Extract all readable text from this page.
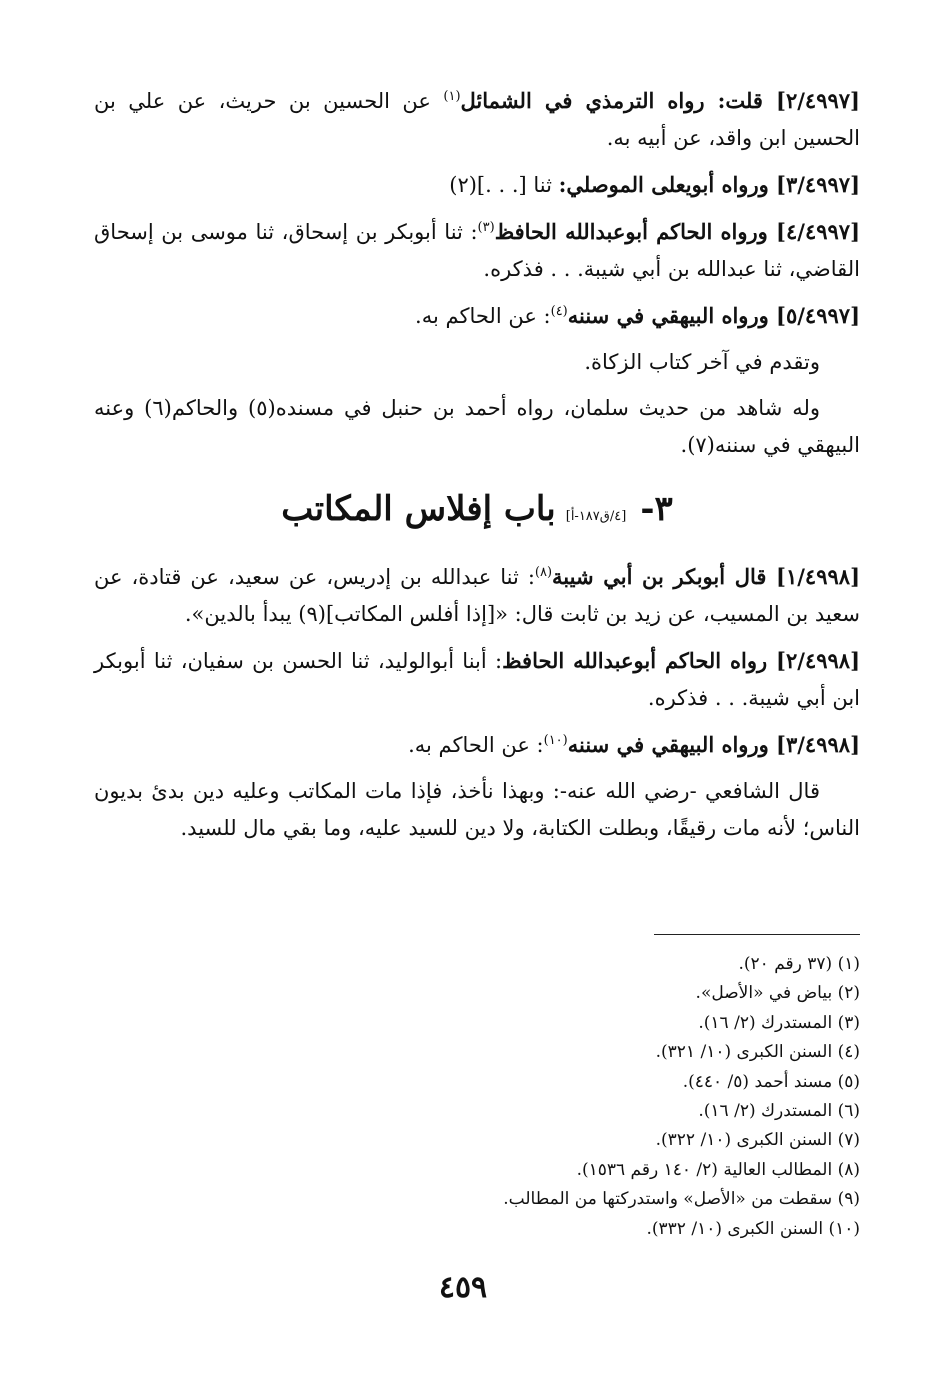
[٢/٤٩٩٧] قلت: رواه الترمذي في الشمائل$^{(١)}$ عن الحسين بن حريث، عن علي بن الحسين ابن واقد، عن أبيه به.

[٣/٤٩٩٧] ورواه أبويعلى الموصلي: ثنا [. . .](٢)

[٤/٤٩٩٧] ورواه الحاكم أبوعبدالله الحافظ$^{(٣)}$: ثنا أبوبكر بن إسحاق، ثنا موسى بن إسحاق القاضي، ثنا عبدالله بن أبي شيبة. . . فذكره.

[٥/٤٩٩٧] ورواه البيهقي في سننه$^{(٤)}$: عن الحاكم به.

وتقدم في آخر كتاب الزكاة.

وله شاهد من حديث سلمان، رواه أحمد بن حنبل في مسنده(٥) والحاكم(٦) وعنه البيهقي في سننه(٧).

٣-[٤/ق١٨٧-أ]باب إفلاس المكاتب

[١/٤٩٩٨] قال أبوبكر بن أبي شيبة$^{(٨)}$: ثنا عبدالله بن إدريس، عن سعيد، عن قتادة، عن سعيد بن المسيب، عن زيد بن ثابت قال: «[إذا أفلس المكاتب](٩) يبدأ بالدين».

[٢/٤٩٩٨] رواه الحاكم أبوعبدالله الحافظ: أبنا أبوالوليد، ثنا الحسن بن سفيان، ثنا أبوبكر ابن أبي شيبة. . . فذكره.

[٣/٤٩٩٨] ورواه البيهقي في سننه$^{(١٠)}$: عن الحاكم به.

قال الشافعي -رضي الله عنه-: وبهذا نأخذ، فإذا مات المكاتب وعليه دين بدئ بديون الناس؛ لأنه مات رقيقًا، وبطلت الكتابة، ولا دين للسيد عليه، وما بقي مال للسيد.

(١) (٣٧ رقم ٢٠).
(٢) بياض في «الأصل».
(٣) المستدرك (٢/ ١٦).
(٤) السنن الكبرى (١٠/ ٣٢١).
(٥) مسند أحمد (٥/ ٤٤٠).
(٦) المستدرك (٢/ ١٦).
(٧) السنن الكبرى (١٠/ ٣٢٢).
(٨) المطالب العالية (٢/ ١٤٠ رقم ١٥٣٦).
(٩) سقطت من «الأصل» واستدركتها من المطالب.
(١٠) السنن الكبرى (١٠/ ٣٣٢).
٤٥٩
